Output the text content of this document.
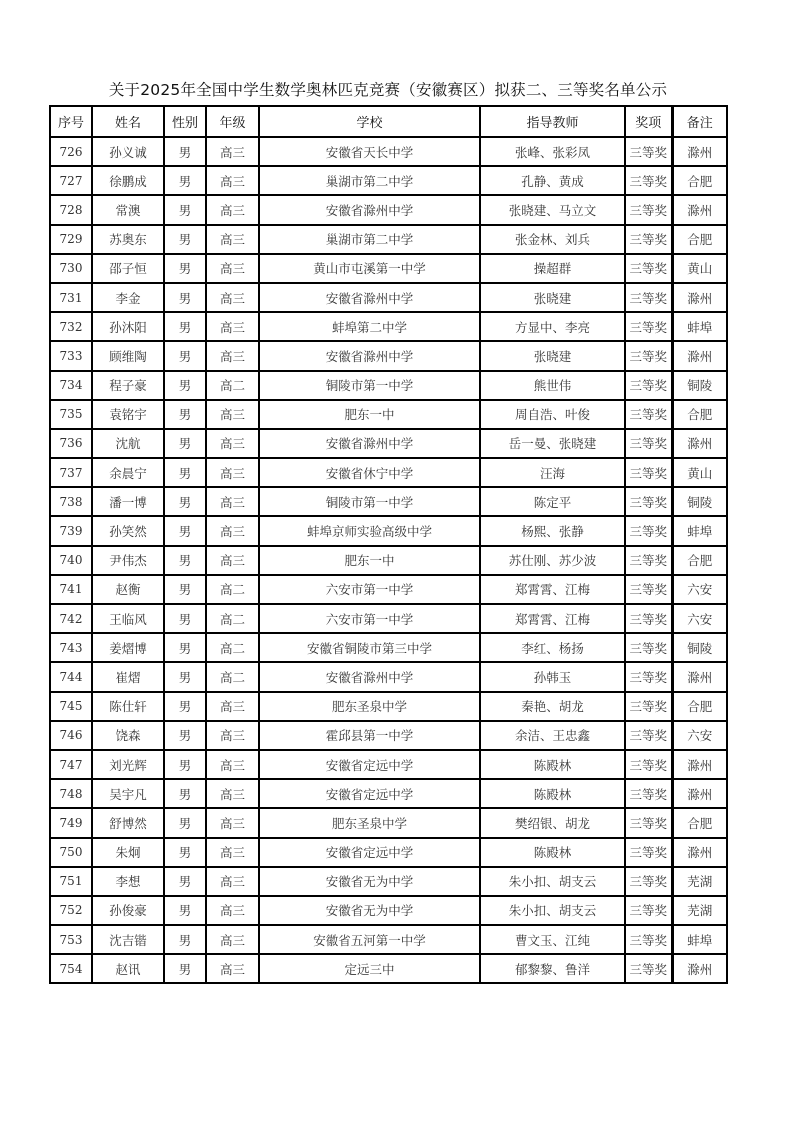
关于2025年全国中学生数学奥林匹克竞赛（安徽赛区）拟获二、三等奖名单公示
序号	姓名	性别	年级	学校	指导教师	奖项	备注
726	孙义诚	男	高三	安徽省天长中学	张峰、张彩凤	三等奖	滁州
727	徐鹏成	男	高三	巢湖市第二中学	孔静、黄成	三等奖	合肥
728	常澳	男	高三	安徽省滁州中学	张晓建、马立文	三等奖	滁州
729	苏奥东	男	高三	巢湖市第二中学	张金林、刘兵	三等奖	合肥
730	邵子恒	男	高三	黄山市屯溪第一中学	操超群	三等奖	黄山
731	李金	男	高三	安徽省滁州中学	张晓建	三等奖	滁州
732	孙沐阳	男	高三	蚌埠第二中学	方显中、李亮	三等奖	蚌埠
733	顾维陶	男	高三	安徽省滁州中学	张晓建	三等奖	滁州
734	程子豪	男	高二	铜陵市第一中学	熊世伟	三等奖	铜陵
735	袁铭宇	男	高三	肥东一中	周自浩、叶俊	三等奖	合肥
736	沈航	男	高三	安徽省滁州中学	岳一曼、张晓建	三等奖	滁州
737	余晨宁	男	高三	安徽省休宁中学	汪海	三等奖	黄山
738	潘一博	男	高三	铜陵市第一中学	陈定平	三等奖	铜陵
739	孙笑然	男	高三	蚌埠京师实验高级中学	杨熙、张静	三等奖	蚌埠
740	尹伟杰	男	高三	肥东一中	苏仕刚、苏少波	三等奖	合肥
741	赵衡	男	高二	六安市第一中学	郑霄霄、江梅	三等奖	六安
742	王临风	男	高二	六安市第一中学	郑霄霄、江梅	三等奖	六安
743	姜熠博	男	高二	安徽省铜陵市第三中学	李红、杨扬	三等奖	铜陵
744	崔熠	男	高二	安徽省滁州中学	孙韩玉	三等奖	滁州
745	陈仕轩	男	高三	肥东圣泉中学	秦艳、胡龙	三等奖	合肥
746	饶森	男	高三	霍邱县第一中学	余洁、王忠鑫	三等奖	六安
747	刘光辉	男	高三	安徽省定远中学	陈殿林	三等奖	滁州
748	吴宇凡	男	高三	安徽省定远中学	陈殿林	三等奖	滁州
749	舒博然	男	高三	肥东圣泉中学	樊绍银、胡龙	三等奖	合肥
750	朱炯	男	高三	安徽省定远中学	陈殿林	三等奖	滁州
751	李想	男	高三	安徽省无为中学	朱小扣、胡支云	三等奖	芜湖
752	孙俊豪	男	高三	安徽省无为中学	朱小扣、胡支云	三等奖	芜湖
753	沈吉锴	男	高三	安徽省五河第一中学	曹文玉、江纯	三等奖	蚌埠
754	赵讯	男	高三	定远三中	郁黎黎、鲁洋	三等奖	滁州
